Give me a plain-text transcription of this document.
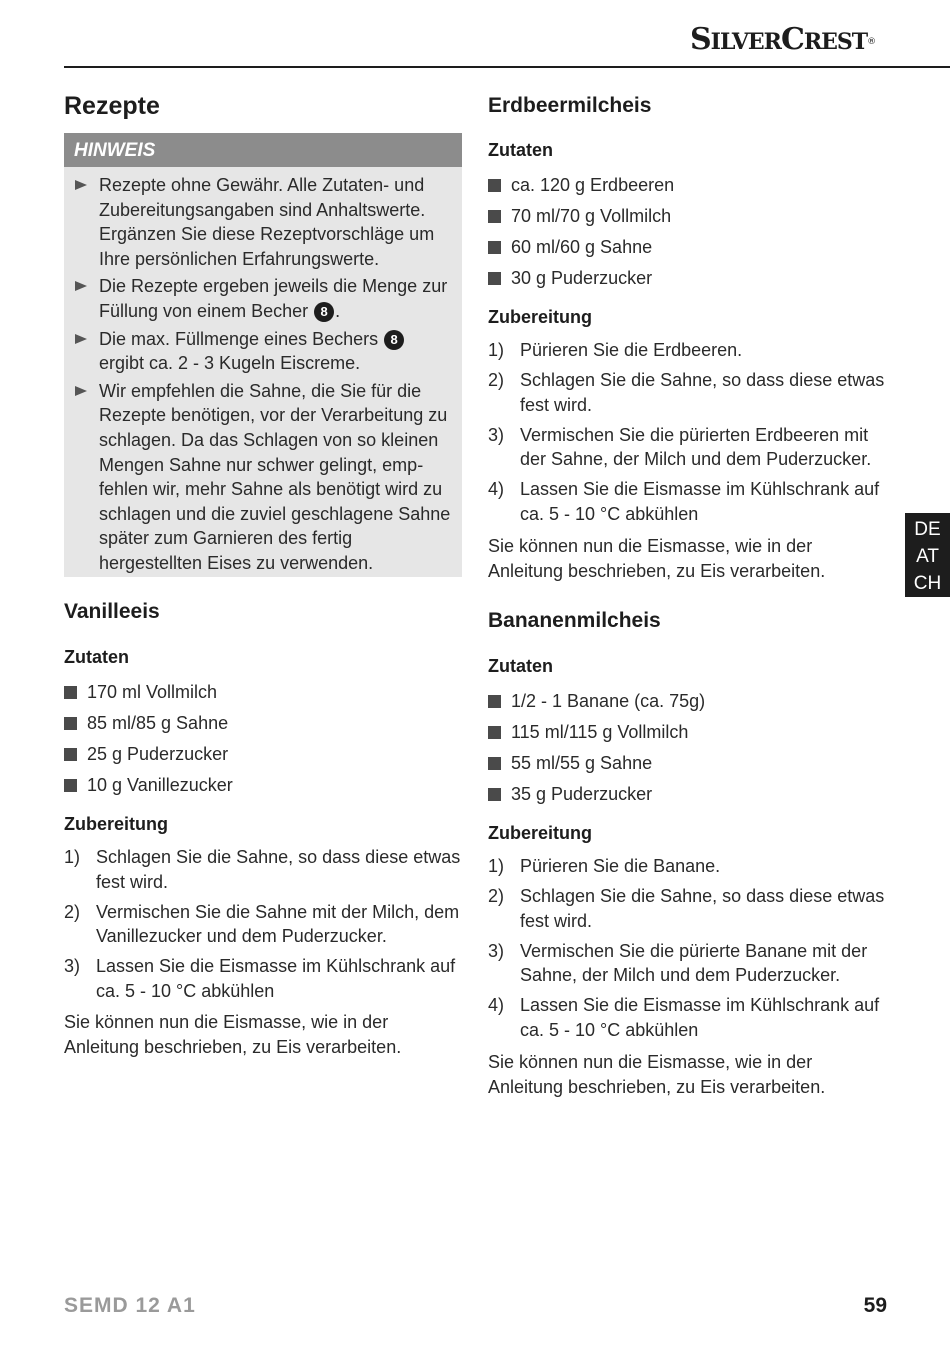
SILVERCREST®
Rezepte
HINWEIS
Rezepte ohne Gewähr. Alle Zutaten- und Zubereitungsangaben sind Anhaltswerte. Ergänzen Sie diese Rezeptvorschläge um Ihre persönlichen Erfahrungswerte.
Die Rezepte ergeben jeweils die Menge zur Füllung von einem Becher 8 .
Die max. Füllmenge eines Bechers 8 ergibt ca. 2 - 3 Kugeln Eiscreme.
Wir empfehlen die Sahne, die Sie für die Rezepte benötigen, vor der Verarbeitung zu schlagen. Da das Schlagen von so kleinen Mengen Sahne nur schwer gelingt, emp-fehlen wir, mehr Sahne als benötigt wird zu schlagen und die zuviel geschlagene Sahne später zum Garnieren des fertig hergestellten Eises zu verwenden.
Vanilleeis
Zutaten
170 ml Vollmilch
85 ml/85 g Sahne
25 g Puderzucker
10 g Vanillezucker
Zubereitung
1) Schlagen Sie die Sahne, so dass diese etwas fest wird.
2) Vermischen Sie die Sahne mit der Milch, dem Vanillezucker und dem Puderzucker.
3) Lassen Sie die Eismasse im Kühlschrank auf ca. 5 - 10 °C abkühlen

Sie können nun die Eismasse, wie in der Anleitung beschrieben, zu Eis verarbeiten.

Erdbeermilcheis
Zutaten
ca. 120 g Erdbeeren
70 ml/70 g Vollmilch
60 ml/60 g Sahne
30 g Puderzucker
Zubereitung
1) Pürieren Sie die Erdbeeren.
2) Schlagen Sie die Sahne, so dass diese etwas fest wird.
3) Vermischen Sie die pürierten Erdbeeren mit der Sahne, der Milch und dem Puderzucker.
4) Lassen Sie die Eismasse im Kühlschrank auf ca. 5 - 10 °C abkühlen

Sie können nun die Eismasse, wie in der Anleitung beschrieben, zu Eis verarbeiten.

Bananenmilcheis
Zutaten
1/2 - 1 Banane (ca. 75g)
115 ml/115 g Vollmilch
55 ml/55 g Sahne
35 g Puderzucker
Zubereitung
1) Pürieren Sie die Banane.
2) Schlagen Sie die Sahne, so dass diese etwas fest wird.
3) Vermischen Sie die pürierte Banane mit der Sahne, der Milch und dem Puderzucker.
4) Lassen Sie die Eismasse im Kühlschrank auf ca. 5 - 10 °C abkühlen

Sie können nun die Eismasse, wie in der Anleitung beschrieben, zu Eis verarbeiten.

DE
AT
CH
SEMD 12 A1	59
